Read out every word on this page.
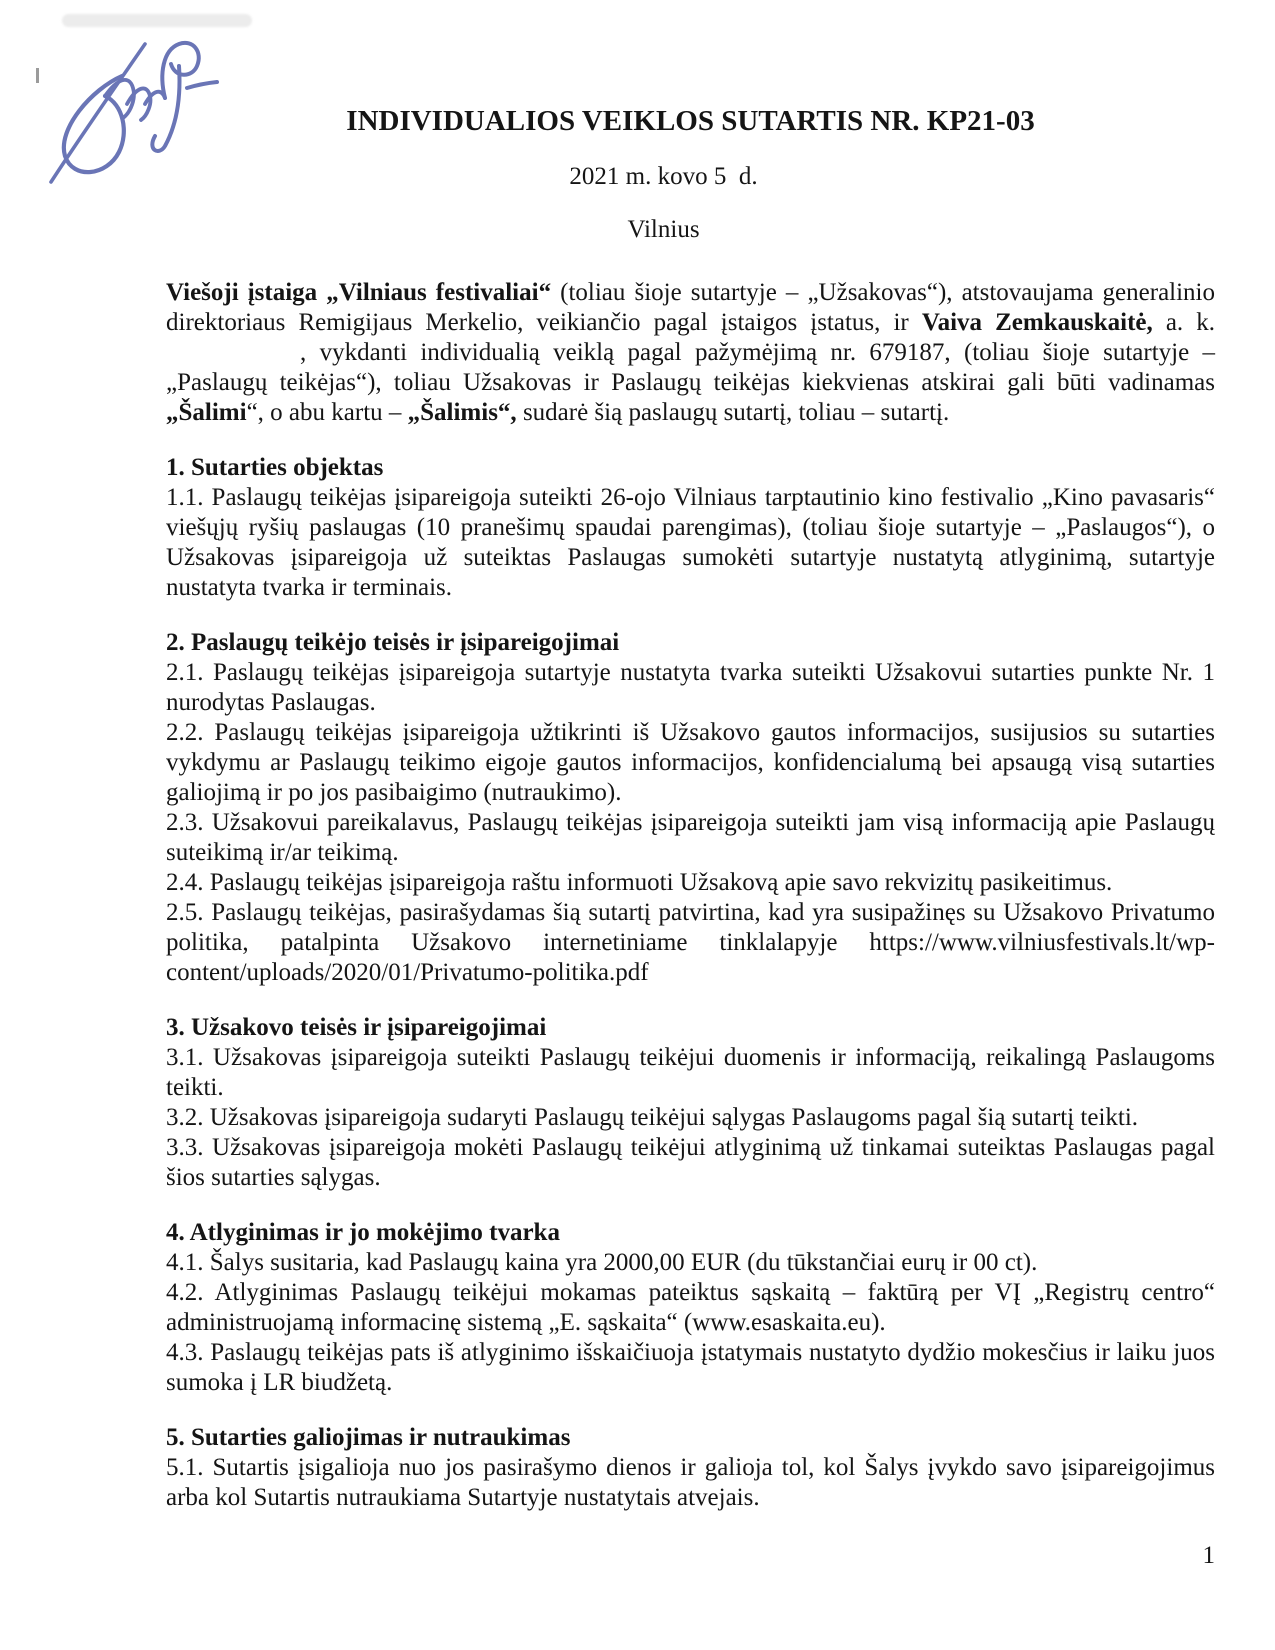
INDIVIDUALIOS VEIKLOS SUTARTIS NR. KP21-03
2021 m. kovo 5  d.
Vilnius

Viešoji įstaiga „Vilniaus festivaliai“ (toliau šioje sutartyje – „Užsakovas“), atstovaujama generalinio direktoriaus Remigijaus Merkelio, veikiančio pagal įstaigos įstatus, ir Vaiva Zemkauskaitė, a. k. , vykdanti individualią veiklą pagal pažymėjimą nr. 679187, (toliau šioje sutartyje – „Paslaugų teikėjas“), toliau Užsakovas ir Paslaugų teikėjas kiekvienas atskirai gali būti vadinamas „Šalimi“, o abu kartu – „Šalimis“, sudarė šią paslaugų sutartį, toliau – sutartį.

1. Sutarties objektas

1.1. Paslaugų teikėjas įsipareigoja suteikti 26-ojo Vilniaus tarptautinio kino festivalio „Kino pavasaris“ viešųjų ryšių paslaugas (10 pranešimų spaudai parengimas), (toliau šioje sutartyje – „Paslaugos“), o Užsakovas įsipareigoja už suteiktas Paslaugas sumokėti sutartyje nustatytą atlyginimą, sutartyje nustatyta tvarka ir terminais.

2. Paslaugų teikėjo teisės ir įsipareigojimai

2.1. Paslaugų teikėjas įsipareigoja sutartyje nustatyta tvarka suteikti Užsakovui sutarties punkte Nr. 1 nurodytas Paslaugas.

2.2. Paslaugų teikėjas įsipareigoja užtikrinti iš Užsakovo gautos informacijos, susijusios su sutarties vykdymu ar Paslaugų teikimo eigoje gautos informacijos, konfidencialumą bei apsaugą visą sutarties galiojimą ir po jos pasibaigimo (nutraukimo).

2.3. Užsakovui pareikalavus, Paslaugų teikėjas įsipareigoja suteikti jam visą informaciją apie Paslaugų suteikimą ir/ar teikimą.

2.4. Paslaugų teikėjas įsipareigoja raštu informuoti Užsakovą apie savo rekvizitų pasikeitimus.

2.5. Paslaugų teikėjas, pasirašydamas šią sutartį patvirtina, kad yra susipažinęs su Užsakovo Privatumo politika, patalpinta Užsakovo internetiniame tinklalapyje https://www.vilniusfestivals.lt/wp-content/uploads/2020/01/Privatumo-politika.pdf

3. Užsakovo teisės ir įsipareigojimai

3.1. Užsakovas įsipareigoja suteikti Paslaugų teikėjui duomenis ir informaciją, reikalingą Paslaugoms teikti.

3.2. Užsakovas įsipareigoja sudaryti Paslaugų teikėjui sąlygas Paslaugoms pagal šią sutartį teikti.

3.3. Užsakovas įsipareigoja mokėti Paslaugų teikėjui atlyginimą už tinkamai suteiktas Paslaugas pagal šios sutarties sąlygas.

4. Atlyginimas ir jo mokėjimo tvarka

4.1. Šalys susitaria, kad Paslaugų kaina yra 2000,00 EUR (du tūkstančiai eurų ir 00 ct).

4.2. Atlyginimas Paslaugų teikėjui mokamas pateiktus sąskaitą – faktūrą per VĮ „Registrų centro“ administruojamą informacinę sistemą „E. sąskaita“ (www.esaskaita.eu).

4.3. Paslaugų teikėjas pats iš atlyginimo išskaičiuoja įstatymais nustatyto dydžio mokesčius ir laiku juos sumoka į LR biudžetą.

5. Sutarties galiojimas ir nutraukimas

5.1. Sutartis įsigalioja nuo jos pasirašymo dienos ir galioja tol, kol Šalys įvykdo savo įsipareigojimus arba kol Sutartis nutraukiama Sutartyje nustatytais atvejais.

1
